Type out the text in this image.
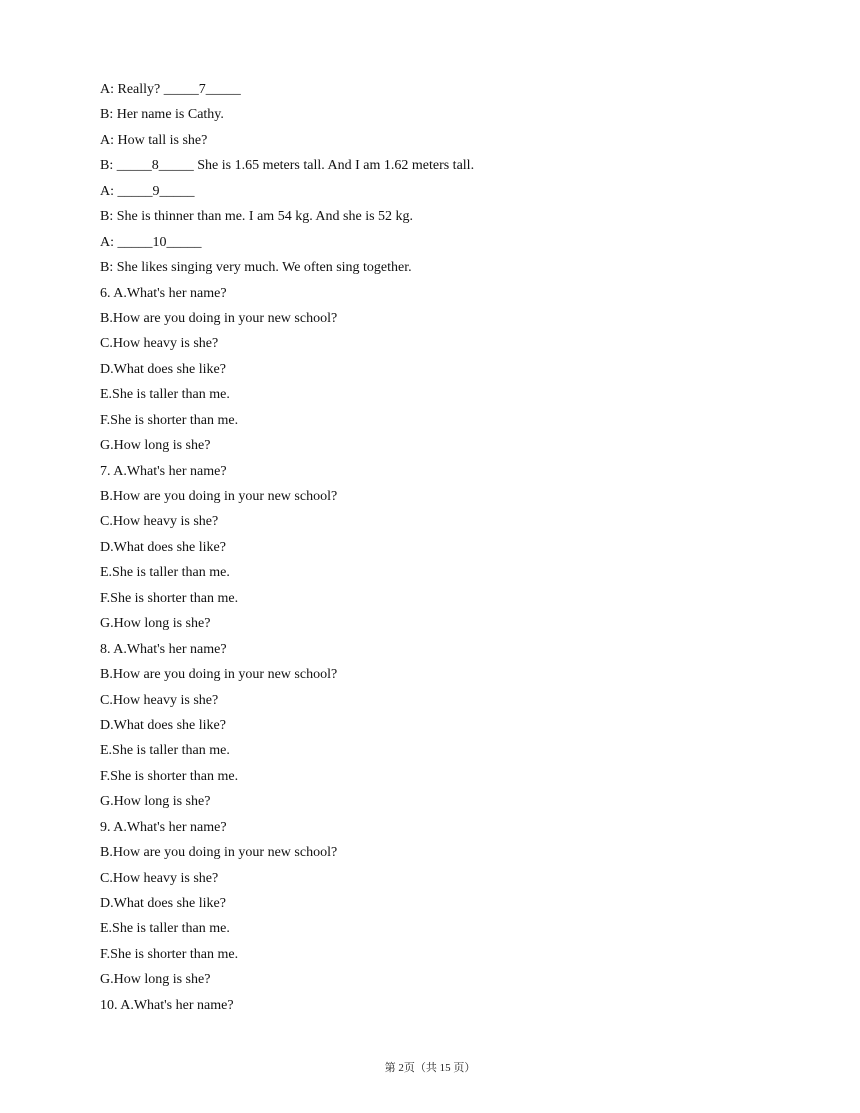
A: Really? _____7_____
B: Her name is Cathy.
A: How tall is she?
B: _____8_____ She is 1.65 meters tall. And I am 1.62 meters tall.
A: _____9_____
B: She is thinner than me. I am 54 kg. And she is 52 kg.
A: _____10_____
B: She likes singing very much. We often sing together.
6. A.What's her name?
B.How are you doing in your new school?
C.How heavy is she?
D.What does she like?
E.She is taller than me.
F.She is shorter than me.
G.How long is she?
7. A.What's her name?
B.How are you doing in your new school?
C.How heavy is she?
D.What does she like?
E.She is taller than me.
F.She is shorter than me.
G.How long is she?
8. A.What's her name?
B.How are you doing in your new school?
C.How heavy is she?
D.What does she like?
E.She is taller than me.
F.She is shorter than me.
G.How long is she?
9. A.What's her name?
B.How are you doing in your new school?
C.How heavy is she?
D.What does she like?
E.She is taller than me.
F.She is shorter than me.
G.How long is she?
10. A.What's her name?
第 2页（共 15 页）
